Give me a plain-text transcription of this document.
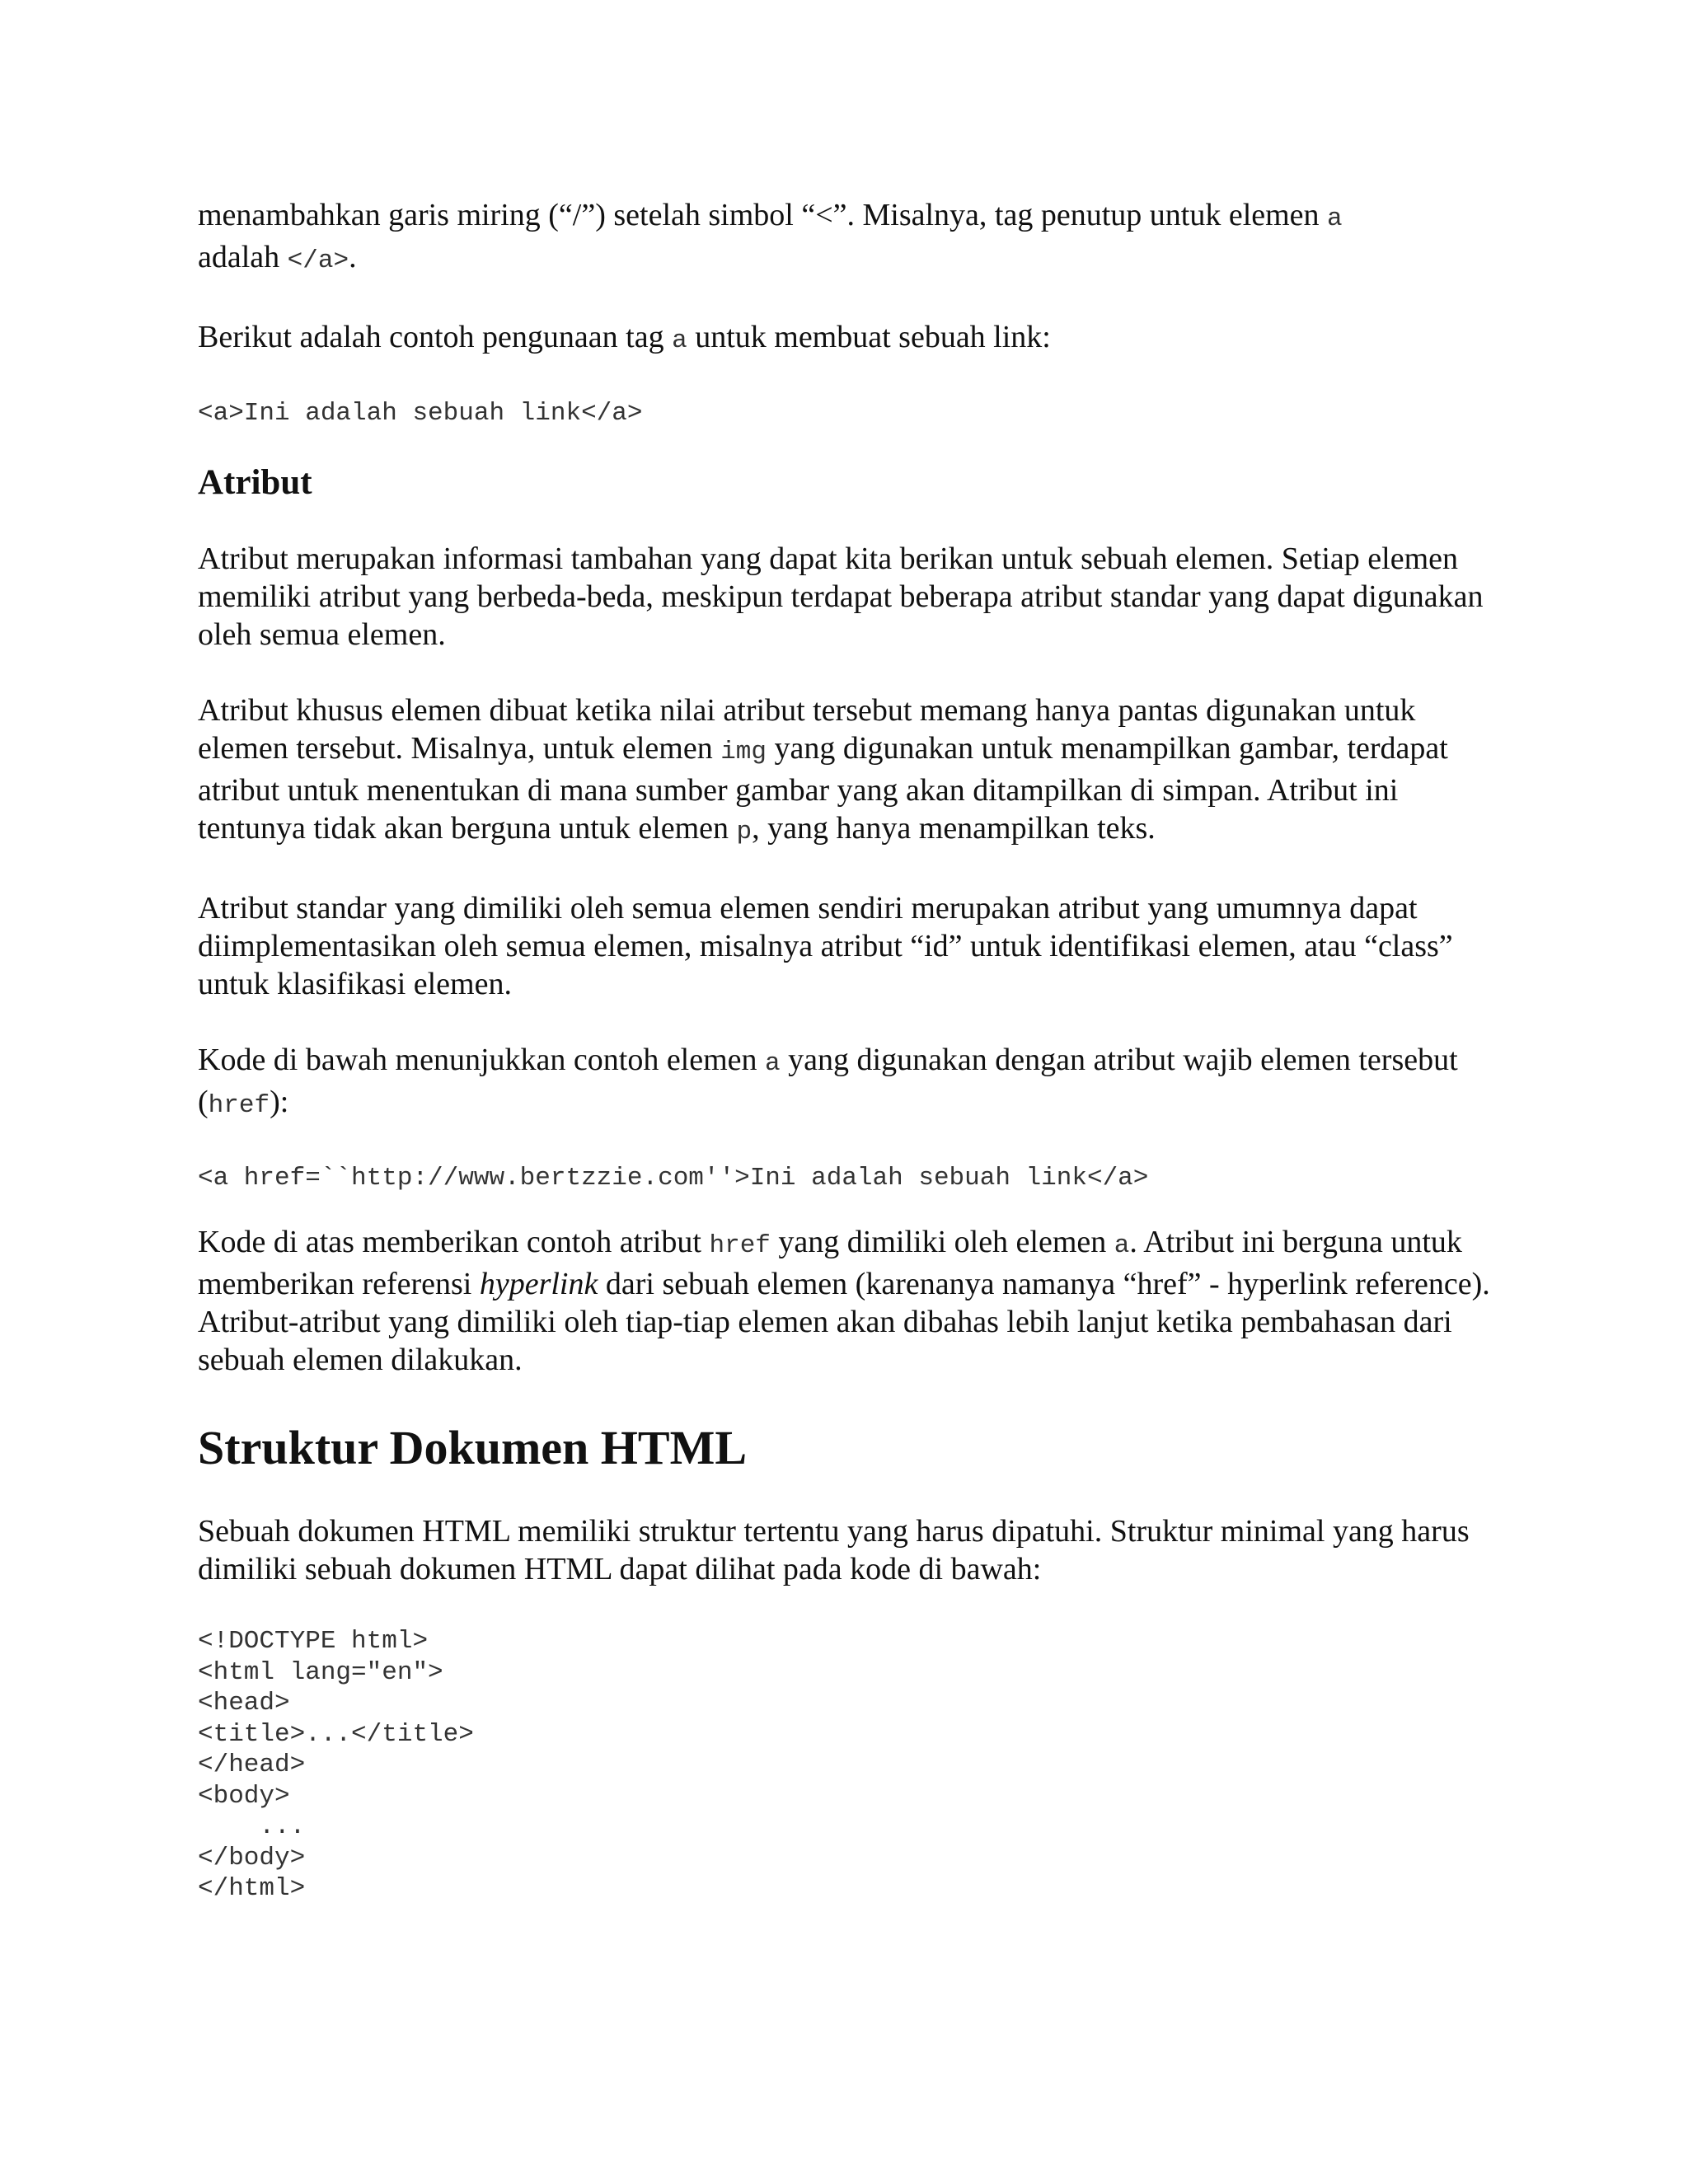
menambahkan garis miring (“/”) setelah simbol “<”. Misalnya, tag penutup untuk elemen a
adalah </a>.

Berikut adalah contoh pengunaan tag a untuk membuat sebuah link:

<a>Ini adalah sebuah link</a>
Atribut

Atribut merupakan informasi tambahan yang dapat kita berikan untuk sebuah elemen. Setiap elemen memiliki atribut yang berbeda-beda, meskipun terdapat beberapa atribut standar yang dapat digunakan oleh semua elemen.

Atribut khusus elemen dibuat ketika nilai atribut tersebut memang hanya pantas digunakan untuk elemen tersebut. Misalnya, untuk elemen img yang digunakan untuk menampilkan gambar, terdapat atribut untuk menentukan di mana sumber gambar yang akan ditampilkan di simpan. Atribut ini tentunya tidak akan berguna untuk elemen p, yang hanya menampilkan teks.

Atribut standar yang dimiliki oleh semua elemen sendiri merupakan atribut yang umumnya dapat diimplementasikan oleh semua elemen, misalnya atribut “id” untuk identifikasi elemen, atau “class” untuk klasifikasi elemen.

Kode di bawah menunjukkan contoh elemen a yang digunakan dengan atribut wajib elemen tersebut (href):

<a href=``http://www.bertzzie.com''>Ini adalah sebuah link</a>

Kode di atas memberikan contoh atribut href yang dimiliki oleh elemen a. Atribut ini berguna untuk memberikan referensi hyperlink dari sebuah elemen (karenanya namanya “href” - hyperlink reference). Atribut-atribut yang dimiliki oleh tiap-tiap elemen akan dibahas lebih lanjut ketika pembahasan dari sebuah elemen dilakukan.

Struktur Dokumen HTML

Sebuah dokumen HTML memiliki struktur tertentu yang harus dipatuhi. Struktur minimal yang harus dimiliki sebuah dokumen HTML dapat dilihat pada kode di bawah:

<!DOCTYPE html>
<html lang="en">
<head>
<title>...</title>
</head>
<body>
...
</body>
</html>
